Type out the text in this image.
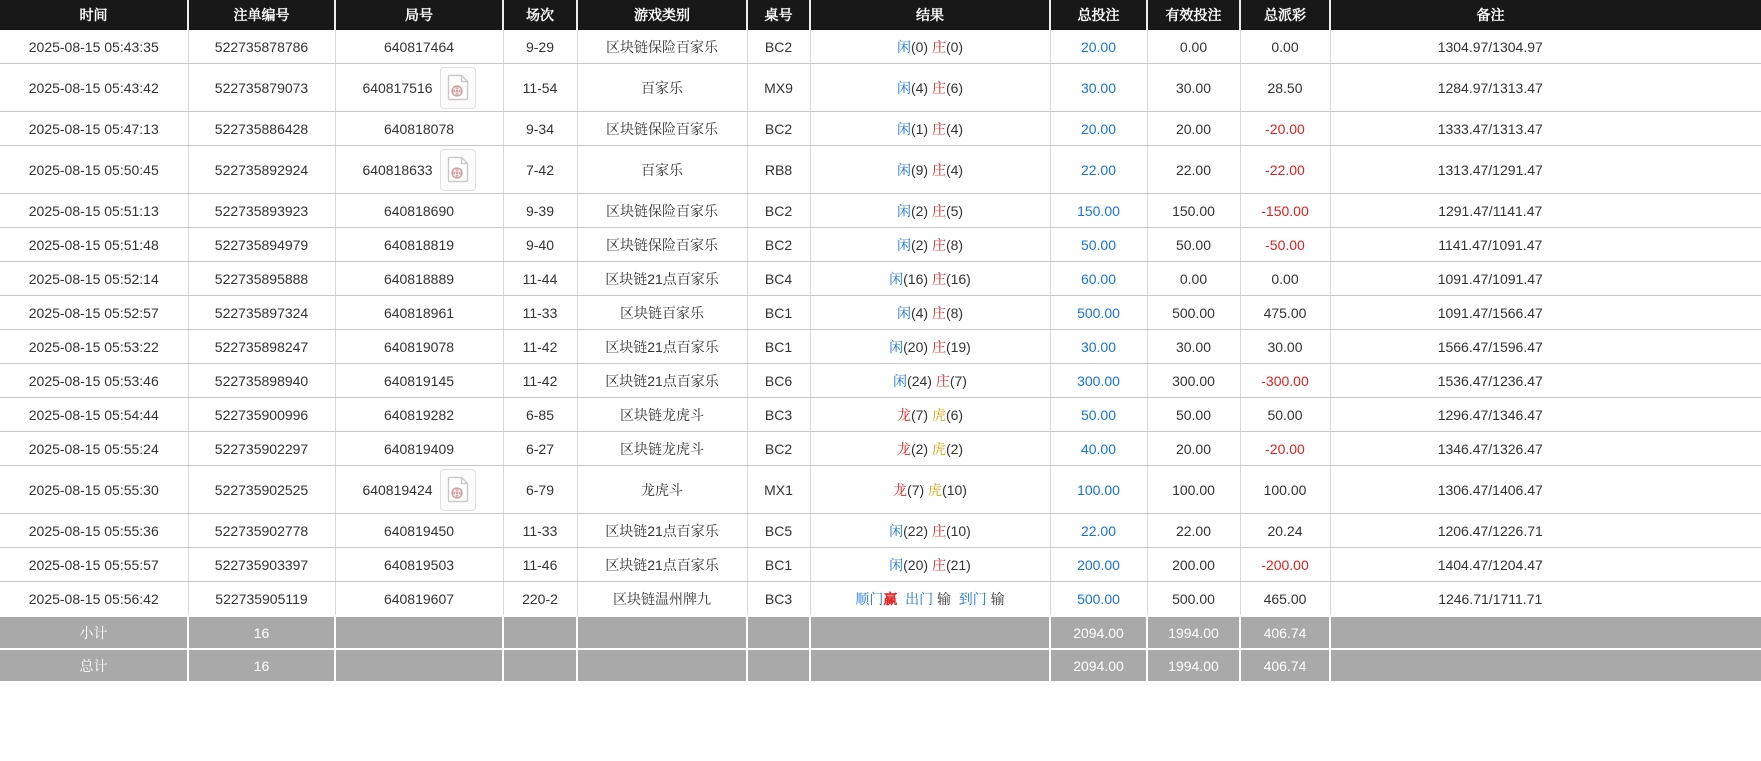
时间	注单编号	局号	场次	游戏类别	桌号	结果	总投注	有效投注	总派彩	备注
2025-08-15 05:43:35	522735878786	640817464	9-29	区块链保险百家乐	BC2	闲(0) 庄(0)	20.00	0.00	0.00	1304.97/1304.97
2025-08-15 05:43:42	522735879073	640817516	11-54	百家乐	MX9	闲(4) 庄(6)	30.00	30.00	28.50	1284.97/1313.47
2025-08-15 05:47:13	522735886428	640818078	9-34	区块链保险百家乐	BC2	闲(1) 庄(4)	20.00	20.00	-20.00	1333.47/1313.47
2025-08-15 05:50:45	522735892924	640818633	7-42	百家乐	RB8	闲(9) 庄(4)	22.00	22.00	-22.00	1313.47/1291.47
2025-08-15 05:51:13	522735893923	640818690	9-39	区块链保险百家乐	BC2	闲(2) 庄(5)	150.00	150.00	-150.00	1291.47/1141.47
2025-08-15 05:51:48	522735894979	640818819	9-40	区块链保险百家乐	BC2	闲(2) 庄(8)	50.00	50.00	-50.00	1141.47/1091.47
2025-08-15 05:52:14	522735895888	640818889	11-44	区块链21点百家乐	BC4	闲(16) 庄(16)	60.00	0.00	0.00	1091.47/1091.47
2025-08-15 05:52:57	522735897324	640818961	11-33	区块链百家乐	BC1	闲(4) 庄(8)	500.00	500.00	475.00	1091.47/1566.47
2025-08-15 05:53:22	522735898247	640819078	11-42	区块链21点百家乐	BC1	闲(20) 庄(19)	30.00	30.00	30.00	1566.47/1596.47
2025-08-15 05:53:46	522735898940	640819145	11-42	区块链21点百家乐	BC6	闲(24) 庄(7)	300.00	300.00	-300.00	1536.47/1236.47
2025-08-15 05:54:44	522735900996	640819282	6-85	区块链龙虎斗	BC3	龙(7) 虎(6)	50.00	50.00	50.00	1296.47/1346.47
2025-08-15 05:55:24	522735902297	640819409	6-27	区块链龙虎斗	BC2	龙(2) 虎(2)	40.00	20.00	-20.00	1346.47/1326.47
2025-08-15 05:55:30	522735902525	640819424	6-79	龙虎斗	MX1	龙(7) 虎(10)	100.00	100.00	100.00	1306.47/1406.47
2025-08-15 05:55:36	522735902778	640819450	11-33	区块链21点百家乐	BC5	闲(22) 庄(10)	22.00	22.00	20.24	1206.47/1226.71
2025-08-15 05:55:57	522735903397	640819503	11-46	区块链21点百家乐	BC1	闲(20) 庄(21)	200.00	200.00	-200.00	1404.47/1204.47
2025-08-15 05:56:42	522735905119	640819607	220-2	区块链温州牌九	BC3	顺门赢 出门 输 到门 输	500.00	500.00	465.00	1246.71/1711.71
小计	16						2094.00	1994.00	406.74	
总计	16						2094.00	1994.00	406.74	
